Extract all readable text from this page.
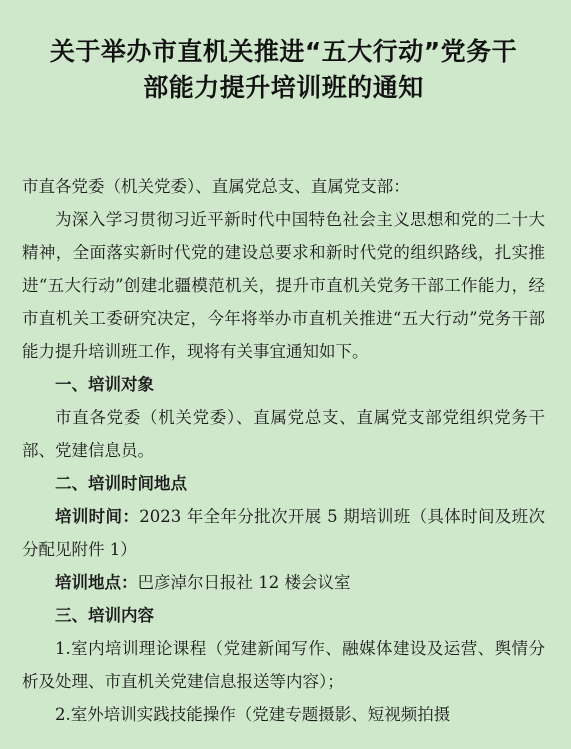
关于举办市直机关推进“五大行动”党务干
部能力提升培训班的通知
市直各党委（机关党委）、直属党总支、直属党支部：
为深入学习贯彻习近平新时代中国特色社会主义思想和党的二十大精神，全面落实新时代党的建设总要求和新时代党的组织路线，扎实推进“五大行动”创建北疆模范机关，提升市直机关党务干部工作能力，经市直机关工委研究决定，今年将举办市直机关推进“五大行动”党务干部能力提升培训班工作，现将有关事宜通知如下。
一、培训对象
市直各党委（机关党委）、直属党总支、直属党支部党组织党务干部、党建信息员。
二、培训时间地点
培训时间：2023 年全年分批次开展 5 期培训班（具体时间及班次分配见附件 1）
培训地点：巴彦淖尔日报社 12 楼会议室
三、培训内容
1.室内培训理论课程（党建新闻写作、融媒体建设及运营、舆情分析及处理、市直机关党建信息报送等内容）；
2.室外培训实践技能操作（党建专题摄影、短视频拍摄
